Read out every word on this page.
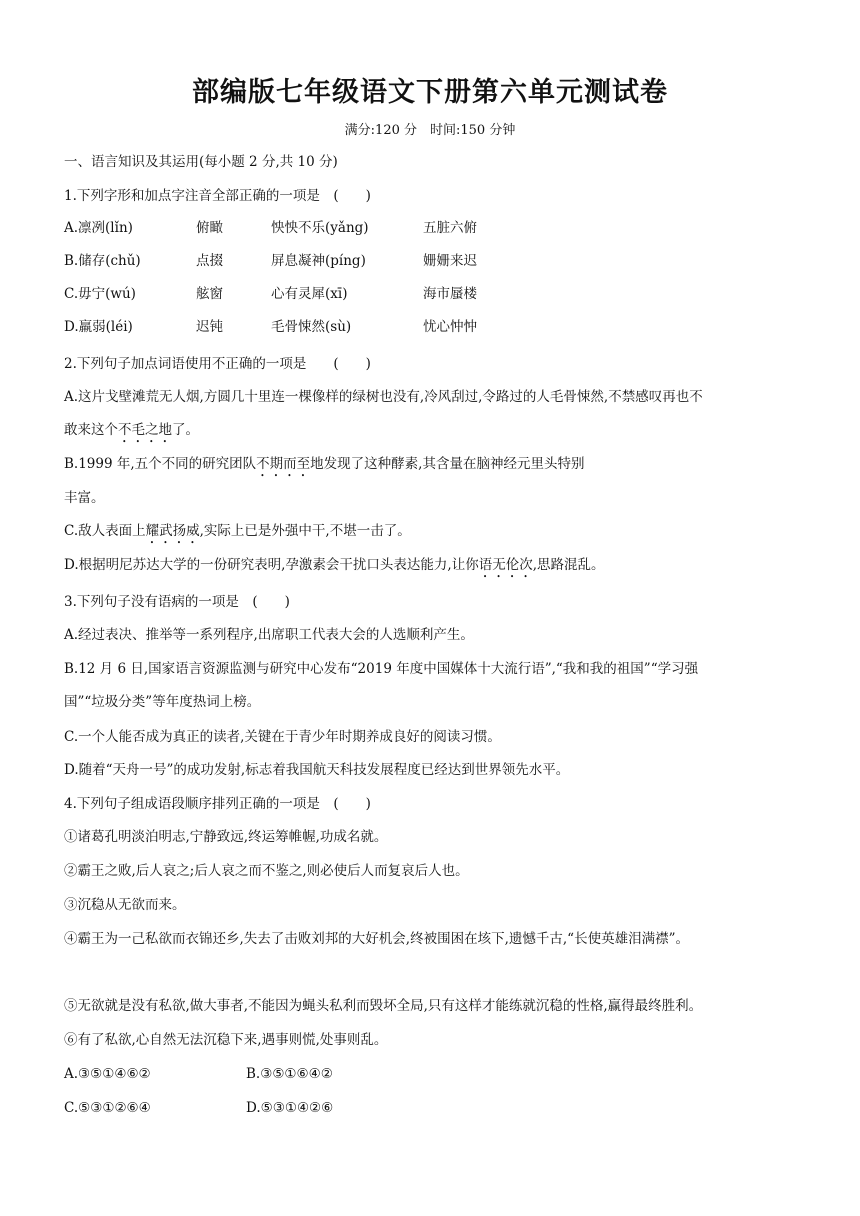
部编版七年级语文下册第六单元测试卷
满分:120 分　时间:150 分钟
一、语言知识及其运用(每小题 2 分,共 10 分)
1.下列字形和加点字注音全部正确的一项是　(　　)
A.凛冽(lǐn)	俯瞰	怏怏不乐(yǎng)	五脏六俯
B.储存(chǔ)	点掇	屏息凝神(píng)	姗姗来迟
C.毋宁(wú)	舷窗	心有灵犀(xī)	海市蜃楼
D.羸弱(léi)	迟钝	毛骨悚然(sù)	忧心忡忡
2.下列句子加点词语使用不正确的一项是　　(　　)
A.这片戈壁滩荒无人烟,方圆几十里连一棵像样的绿树也没有,冷风刮过,令路过的人毛骨悚然,不禁感叹再也不
敢来这个不毛之地了。
B.1999 年,五个不同的研究团队不期而至地发现了这种酵素,其含量在脑神经元里头特别
丰富。
C.敌人表面上耀武扬威,实际上已是外强中干,不堪一击了。
D.根据明尼苏达大学的一份研究表明,孕激素会干扰口头表达能力,让你语无伦次,思路混乱。
3.下列句子没有语病的一项是　(　　)
A.经过表决、推举等一系列程序,出席职工代表大会的人选顺利产生。
B.12 月 6 日,国家语言资源监测与研究中心发布“2019 年度中国媒体十大流行语”,“我和我的祖国”“学习强
国”“垃圾分类”等年度热词上榜。
C.一个人能否成为真正的读者,关键在于青少年时期养成良好的阅读习惯。
D.随着“天舟一号”的成功发射,标志着我国航天科技发展程度已经达到世界领先水平。
4.下列句子组成语段顺序排列正确的一项是　(　　)
①诸葛孔明淡泊明志,宁静致远,终运筹帷幄,功成名就。
②霸王之败,后人哀之;后人哀之而不鉴之,则必使后人而复哀后人也。
③沉稳从无欲而来。
④霸王为一己私欲而衣锦还乡,失去了击败刘邦的大好机会,终被围困在垓下,遗憾千古,“长使英雄泪满襟”。
⑤无欲就是没有私欲,做大事者,不能因为蝇头私利而毁坏全局,只有这样才能练就沉稳的性格,赢得最终胜利。
⑥有了私欲,心自然无法沉稳下来,遇事则慌,处事则乱。
A.③⑤①④⑥②	B.③⑤①⑥④②
C.⑤③①②⑥④	D.⑤③①④②⑥
